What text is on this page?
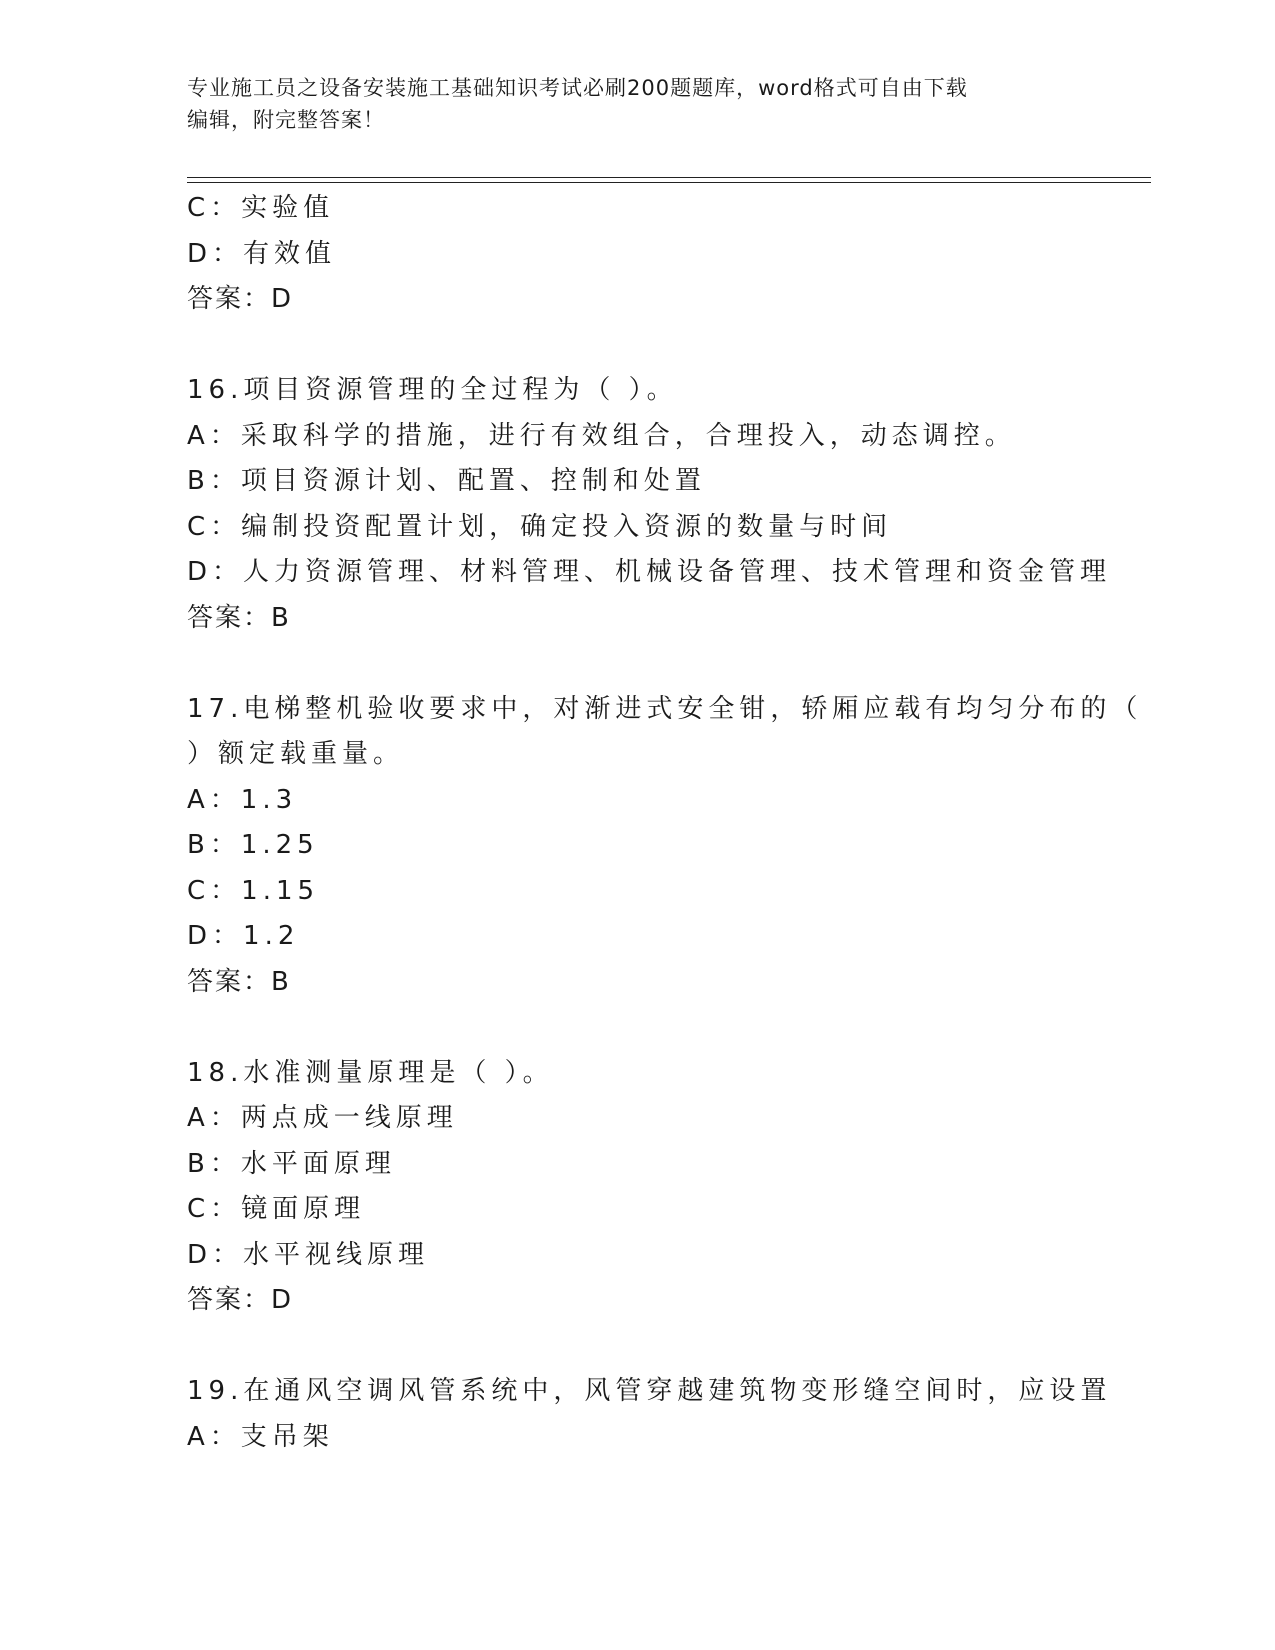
专业施工员之设备安装施工基础知识考试必刷200题题库，word格式可自由下载
编辑，附完整答案！
C：实验值
D：有效值
答案：D
16.项目资源管理的全过程为（ ）。
A：采取科学的措施，进行有效组合，合理投入，动态调控。
B：项目资源计划、配置、控制和处置
C：编制投资配置计划，确定投入资源的数量与时间
D：人力资源管理、材料管理、机械设备管理、技术管理和资金管理
答案：B
17.电梯整机验收要求中，对渐进式安全钳，轿厢应载有均匀分布的（
）额定载重量。
A：1.3
B：1.25
C：1.15
D：1.2
答案：B
18.水准测量原理是（ ）。
A：两点成一线原理
B：水平面原理
C：镜面原理
D：水平视线原理
答案：D
19.在通风空调风管系统中，风管穿越建筑物变形缝空间时，应设置
A：支吊架
